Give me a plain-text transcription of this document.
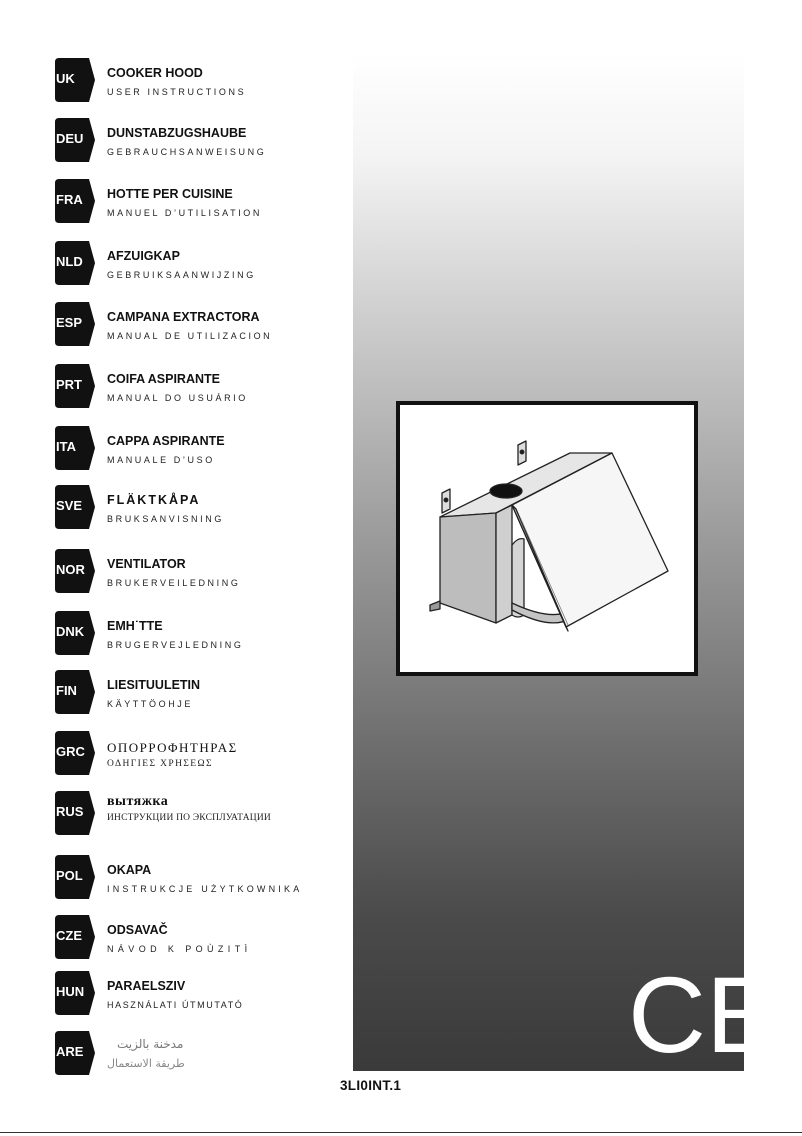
UK	COOKER HOOD
USER INSTRUCTIONS
DEU DUNSTABZUGSHAUBE
GEBRAUCHSANWEISUNG
FRA HOTTE PER CUISINE
MANUEL D’UTILISATION
NLD AFZUIGKAP
GEBRUIKSAANWIJZING
ESP CAMPANA EXTRACTORA
MANUAL DE UTILIZACION
PRT COIFA ASPIRANTE
MANUAL DO USUÁRIO
ITA CAPPA ASPIRANTE
MANUALE D’USO
SVE FLÄKTKÅPA
BRUKSANVISNING
NOR VENTILATOR
BRUKERVEILEDNING
DNK EMH˙TTE
BRUGERVEJLEDNING
FIN LIESITUULETIN
KÄYTTÖOHJE
GRC ΟΠΟΡΡΟΦΗΤΗΡΑΣ
ΟΔΗΓΙΕΣ ΧΡΗΣΕΩΣ
RUS
вытяжка
ИНСТРУКЦИИ ПО ЭКСПЛУАТАЦИИ
POL OKAPA
INSTRUKCJE UŻYTKOWNIKA
CZE ODSAVAČ
NÁVOD K POÙZITÌ
HUN PARAELSZIV
HASZNÁLATI ÚTMUTATÓ
ARE	مدخنة بالزيت
طريقة الاستعمال	CE
3LI0INT.1
